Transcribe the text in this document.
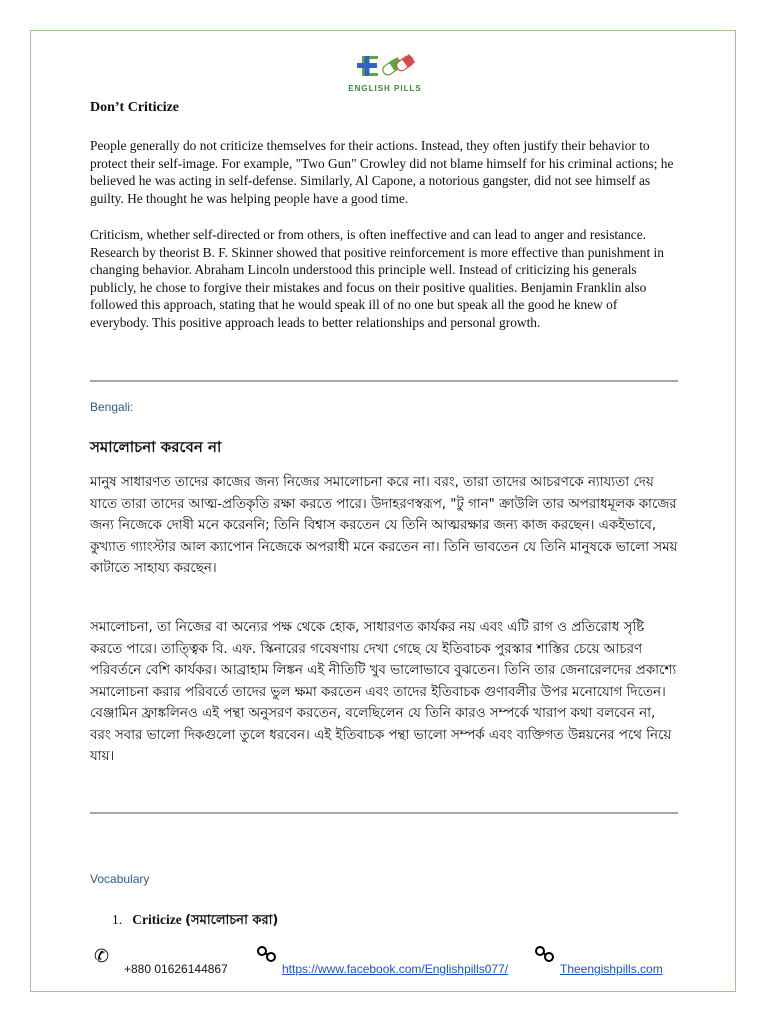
ENGLISH PILLS
Don’t Criticize

People generally do not criticize themselves for their actions. Instead, they often justify their behavior to protect their self-image. For example, "Two Gun" Crowley did not blame himself for his criminal actions; he believed he was acting in self-defense. Similarly, Al Capone, a notorious gangster, did not see himself as guilty. He thought he was helping people have a good time.

Criticism, whether self-directed or from others, is often ineffective and can lead to anger and resistance. Research by theorist B. F. Skinner showed that positive reinforcement is more effective than punishment in changing behavior. Abraham Lincoln understood this principle well. Instead of criticizing his generals publicly, he chose to forgive their mistakes and focus on their positive qualities. Benjamin Franklin also followed this approach, stating that he would speak ill of no one but speak all the good he knew of everybody. This positive approach leads to better relationships and personal growth.

Bengali:
সমালোচনা করবেন না

মানুষ সাধারণত তাদের কাজের জন্য নিজের সমালোচনা করে না। বরং, তারা তাদের আচরণকে ন্যায্যতা দেয় যাতে তারা তাদের আত্ম-প্রতিকৃতি রক্ষা করতে পারে। উদাহরণস্বরূপ, "টু গান" ক্রাউলি তার অপরাধমূলক কাজের জন্য নিজেকে দোষী মনে করেননি; তিনি বিশ্বাস করতেন যে তিনি আত্মরক্ষার জন্য কাজ করছেন। একইভাবে, কুখ্যাত গ্যাংস্টার আল ক্যাপোন নিজেকে অপরাধী মনে করতেন না। তিনি ভাবতেন যে তিনি মানুষকে ভালো সময় কাটাতে সাহায্য করছেন।

সমালোচনা, তা নিজের বা অন্যের পক্ষ থেকে হোক, সাধারণত কার্যকর নয় এবং এটি রাগ ও প্রতিরোধ সৃষ্টি করতে পারে। তাত্ত্বিক বি. এফ. স্কিনারের গবেষণায় দেখা গেছে যে ইতিবাচক পুরস্কার শাস্তির চেয়ে আচরণ পরিবর্তনে বেশি কার্যকর। আব্রাহাম লিঙ্কন এই নীতিটি খুব ভালোভাবে বুঝতেন। তিনি তার জেনারেলদের প্রকাশ্যে সমালোচনা করার পরিবর্তে তাদের ভুল ক্ষমা করতেন এবং তাদের ইতিবাচক গুণাবলীর উপর মনোযোগ দিতেন। বেঞ্জামিন ফ্রাঙ্কলিনও এই পন্থা অনুসরণ করতেন, বলেছিলেন যে তিনি কারও সম্পর্কে খারাপ কথা বলবেন না, বরং সবার ভালো দিকগুলো তুলে ধরবেন। এই ইতিবাচক পন্থা ভালো সম্পর্ক এবং ব্যক্তিগত উন্নয়নের পথে নিয়ে যায়।

Vocabulary
1. Criticize (সমালোচনা করা)
✆
+880 01626144867	https://www.facebook.com/Englishpills077/	Theengishpills.com
